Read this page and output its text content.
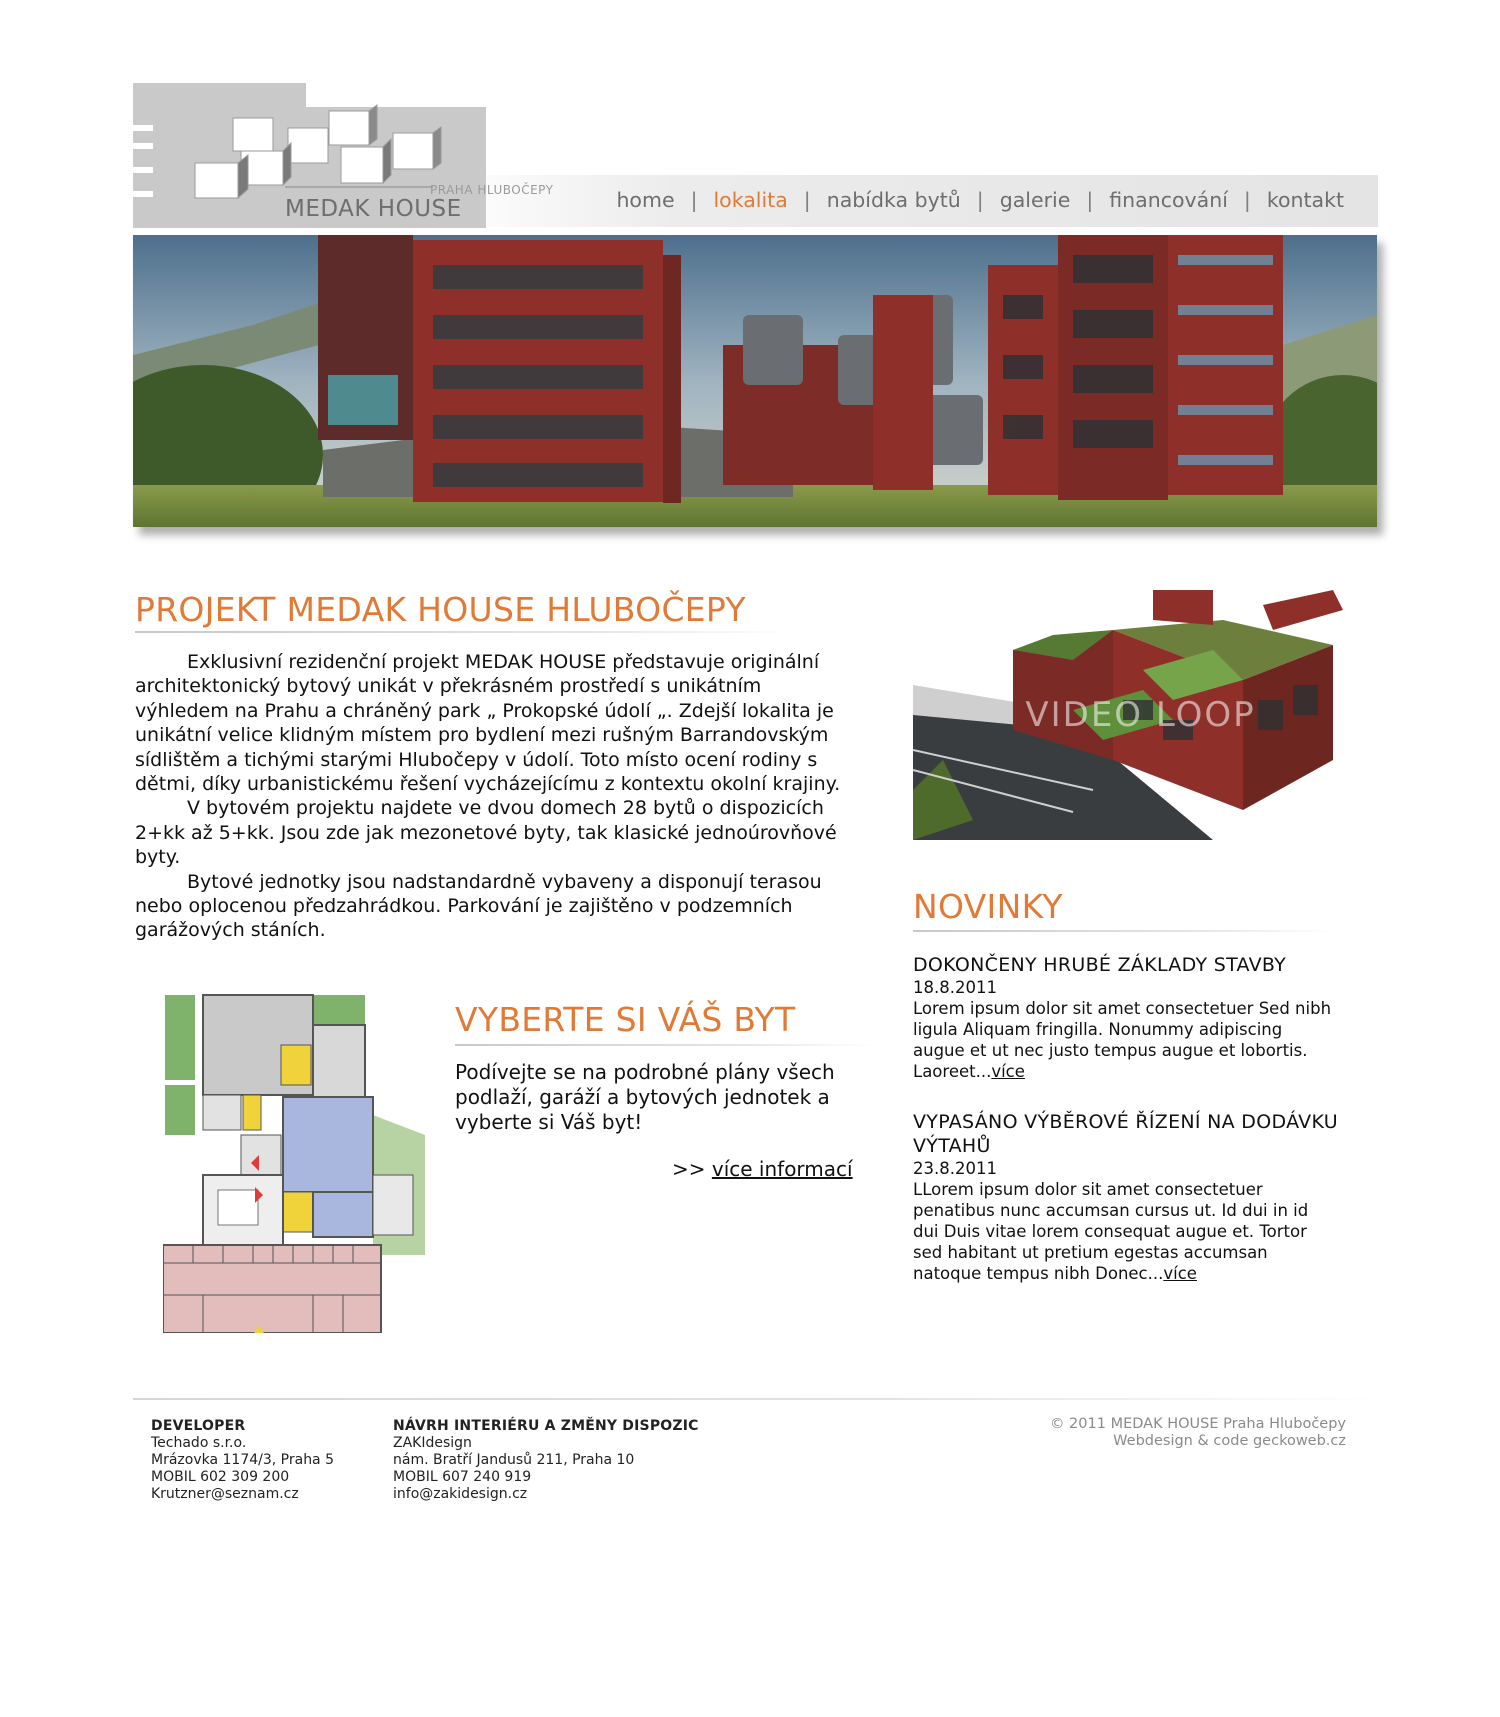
home | lokalita | nabídka bytů | galerie | financování | kontakt
PRAHA HLUBOČEPY
MEDAK HOUSE
PROJEKT MEDAK HOUSE HLUBOČEPY

Exklusivní rezidenční projekt MEDAK HOUSE představuje originální architektonický bytový unikát v překrásném prostředí s unikátním výhledem na Prahu a chráněný park „ Prokopské údolí „. Zdejší lokalita je unikátní velice klidným místem pro bydlení mezi rušným Barrandovským sídlištěm a tichými starými Hlubočepy v údolí. Toto místo ocení rodiny s dětmi, díky urbanistickému řešení vycházejícímu z kontextu okolní krajiny.

V bytovém projektu najdete ve dvou domech 28 bytů o dispozicích 2+kk až 5+kk. Jsou zde jak mezonetové byty, tak klasické jednoúrovňové byty.

Bytové jednotky jsou nadstandardně vybaveny a disponují terasou nebo oplocenou předzahrádkou. Parkování je zajištěno v podzemních garážových stáních.

VIDEO LOOP
NOVINKY
DOKONČENY HRUBÉ ZÁKLADY STAVBY
18.8.2011
Lorem ipsum dolor sit amet consectetuer Sed nibh ligula Aliquam fringilla. Nonummy adipiscing augue et ut nec justo tempus augue et lobortis. Laoreet...více
VYPASÁNO VÝBĚROVÉ ŘÍZENÍ NA DODÁVKU VÝTAHŮ
23.8.2011
LLorem ipsum dolor sit amet consectetuer penatibus nunc accumsan cursus ut. Id dui in id dui Duis vitae lorem consequat augue et. Tortor sed habitant ut pretium egestas accumsan natoque tempus nibh Donec...více
VYBERTE SI VÁŠ BYT
Podívejte se na podrobné plány všech podlaží, garáží a bytových jednotek a vyberte si Váš byt!
>> více informací
DEVELOPER
Techado s.r.o.
Mrázovka 1174/3, Praha 5
MOBIL 602 309 200
Krutzner@seznam.cz
NÁVRH INTERIÉRU A ZMĚNY DISPOZIC
ZAKIdesign
nám. Bratří Jandusů 211, Praha 10
MOBIL 607 240 919
info@zakidesign.cz
© 2011 MEDAK HOUSE Praha Hlubočepy
Webdesign & code geckoweb.cz
